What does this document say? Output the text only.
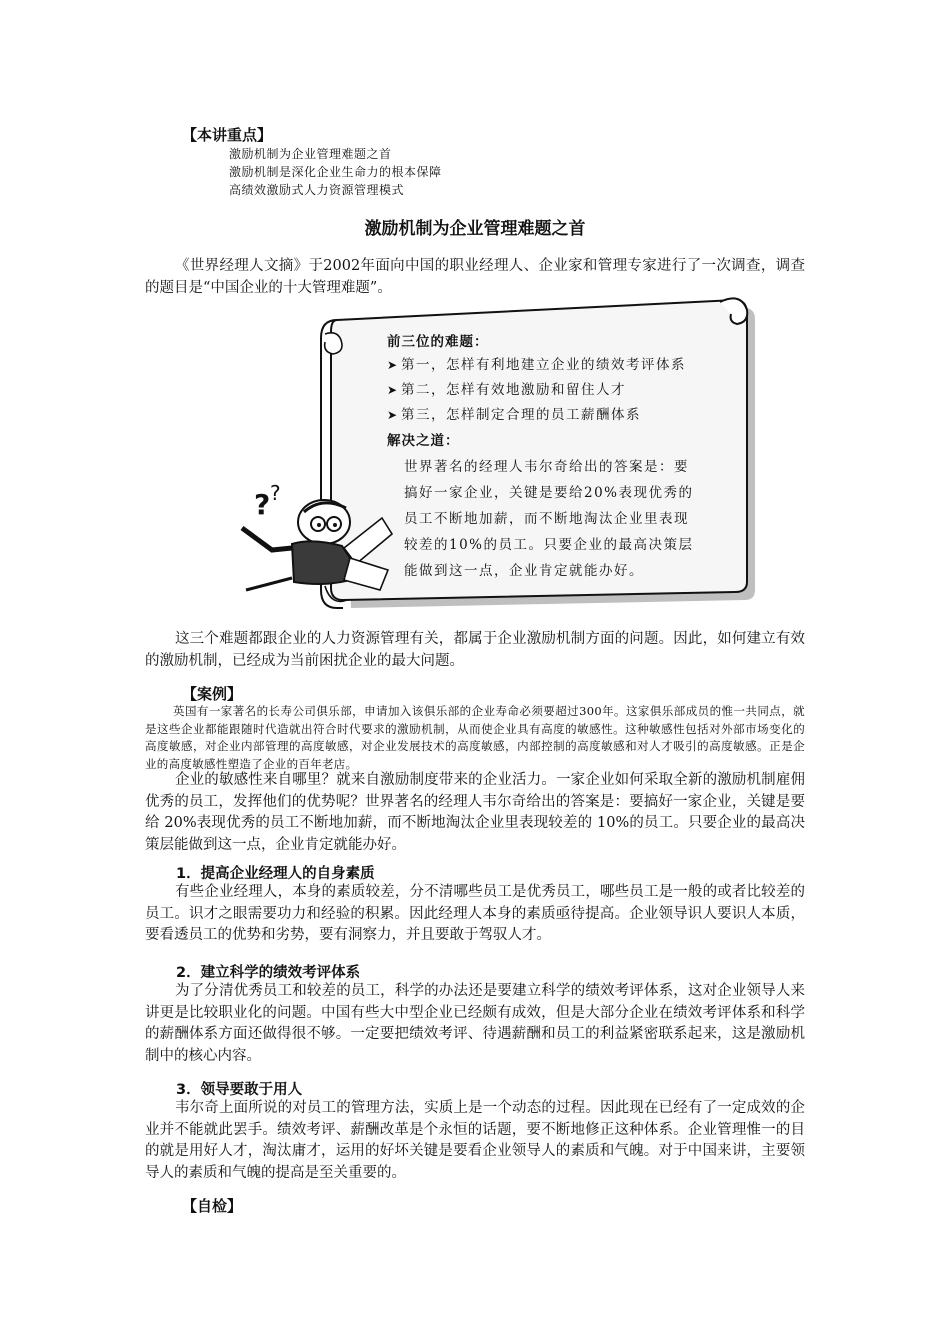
【本讲重点】
激励机制为企业管理难题之首
激励机制是深化企业生命力的根本保障
高绩效激励式人力资源管理模式
激励机制为企业管理难题之首

《世界经理人文摘》于2002年面向中国的职业经理人、企业家和管理专家进行了一次调查，调查的题目是“中国企业的十大管理难题”。

? ?
前三位的难题：
➤ 第一，怎样有利地建立企业的绩效考评体系
➤ 第二，怎样有效地激励和留住人才
➤ 第三，怎样制定合理的员工薪酬体系
解决之道：
世界著名的经理人韦尔奇给出的答案是：要
搞好一家企业，关键是要给20%表现优秀的
员工不断地加薪，而不断地淘汰企业里表现
较差的10%的员工。只要企业的最高决策层
能做到这一点，企业肯定就能办好。

这三个难题都跟企业的人力资源管理有关，都属于企业激励机制方面的问题。因此，如何建立有效的激励机制，已经成为当前困扰企业的最大问题。

【案例】

英国有一家著名的长寿公司俱乐部，申请加入该俱乐部的企业寿命必须要超过300年。这家俱乐部成员的惟一共同点，就是这些企业都能跟随时代造就出符合时代要求的激励机制，从而使企业具有高度的敏感性。这种敏感性包括对外部市场变化的高度敏感，对企业内部管理的高度敏感，对企业发展技术的高度敏感，内部控制的高度敏感和对人才吸引的高度敏感。正是企业的高度敏感性塑造了企业的百年老店。

企业的敏感性来自哪里？就来自激励制度带来的企业活力。一家企业如何采取全新的激励机制雇佣优秀的员工，发挥他们的优势呢？世界著名的经理人韦尔奇给出的答案是：要搞好一家企业，关键是要给 20%表现优秀的员工不断地加薪，而不断地淘汰企业里表现较差的 10%的员工。只要企业的最高决策层能做到这一点，企业肯定就能办好。

1．提高企业经理人的自身素质

有些企业经理人，本身的素质较差，分不清哪些员工是优秀员工，哪些员工是一般的或者比较差的员工。识才之眼需要功力和经验的积累。因此经理人本身的素质亟待提高。企业领导识人要识人本质，要看透员工的优势和劣势，要有洞察力，并且要敢于驾驭人才。

2．建立科学的绩效考评体系

为了分清优秀员工和较差的员工，科学的办法还是要建立科学的绩效考评体系，这对企业领导人来讲更是比较职业化的问题。中国有些大中型企业已经颇有成效，但是大部分企业在绩效考评体系和科学的薪酬体系方面还做得很不够。一定要把绩效考评、待遇薪酬和员工的利益紧密联系起来，这是激励机制中的核心内容。

3．领导要敢于用人

韦尔奇上面所说的对员工的管理方法，实质上是一个动态的过程。因此现在已经有了一定成效的企业并不能就此罢手。绩效考评、薪酬改革是个永恒的话题，要不断地修正这种体系。企业管理惟一的目的就是用好人才，淘汰庸才，运用的好坏关键是要看企业领导人的素质和气魄。对于中国来讲，主要领导人的素质和气魄的提高是至关重要的。

【自检】
